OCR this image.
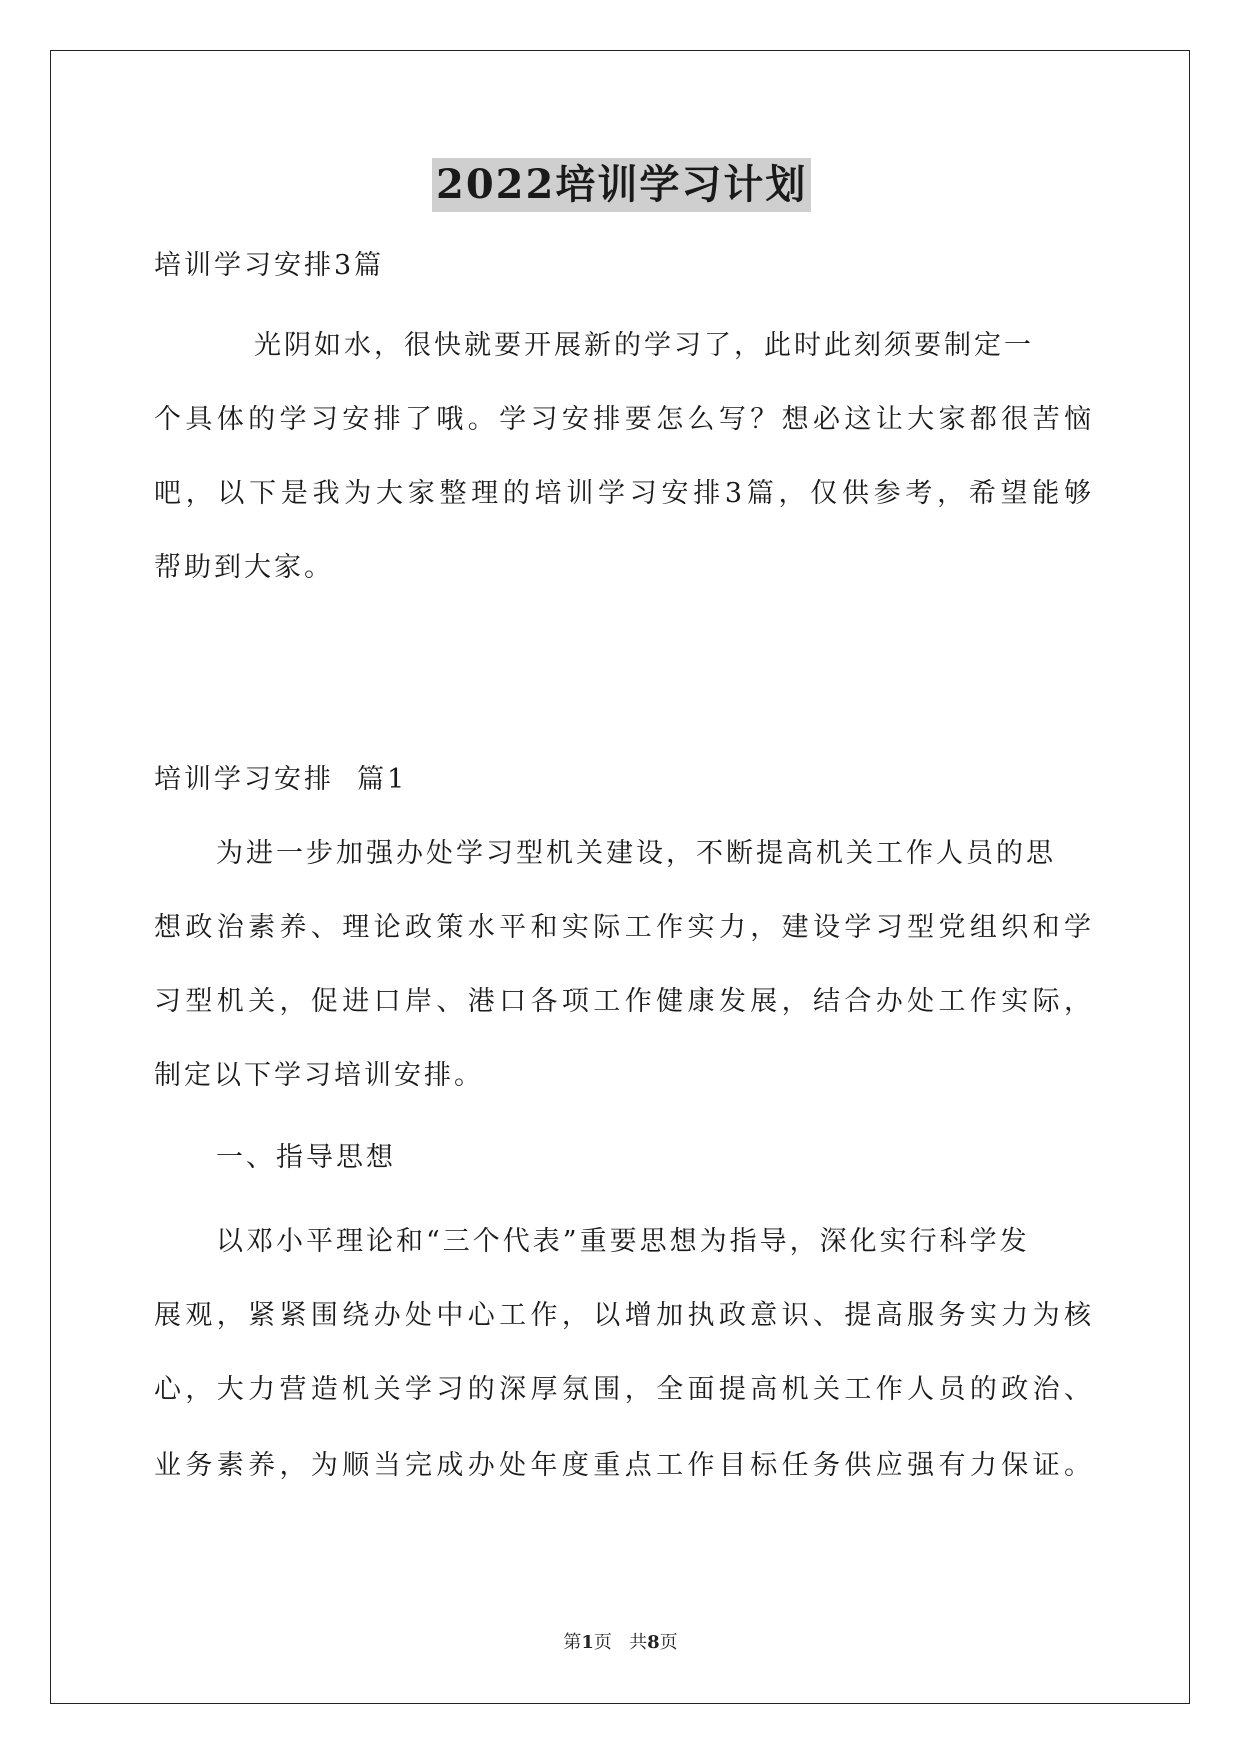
2022培训学习计划
培训学习安排3篇
光阴如水，很快就要开展新的学习了，此时此刻须要制定一
个具体的学习安排了哦。学习安排要怎么写？想必这让大家都很苦恼
吧，以下是我为大家整理的培训学习安排3篇，仅供参考，希望能够
帮助到大家。
培训学习安排  篇1
为进一步加强办处学习型机关建设，不断提高机关工作人员的思
想政治素养、理论政策水平和实际工作实力，建设学习型党组织和学
习型机关，促进口岸、港口各项工作健康发展，结合办处工作实际，
制定以下学习培训安排。
一、指导思想
以邓小平理论和“三个代表”重要思想为指导，深化实行科学发
展观，紧紧围绕办处中心工作，以增加执政意识、提高服务实力为核
心，大力营造机关学习的深厚氛围，全面提高机关工作人员的政治、
业务素养，为顺当完成办处年度重点工作目标任务供应强有力保证。
第1页   共8页
